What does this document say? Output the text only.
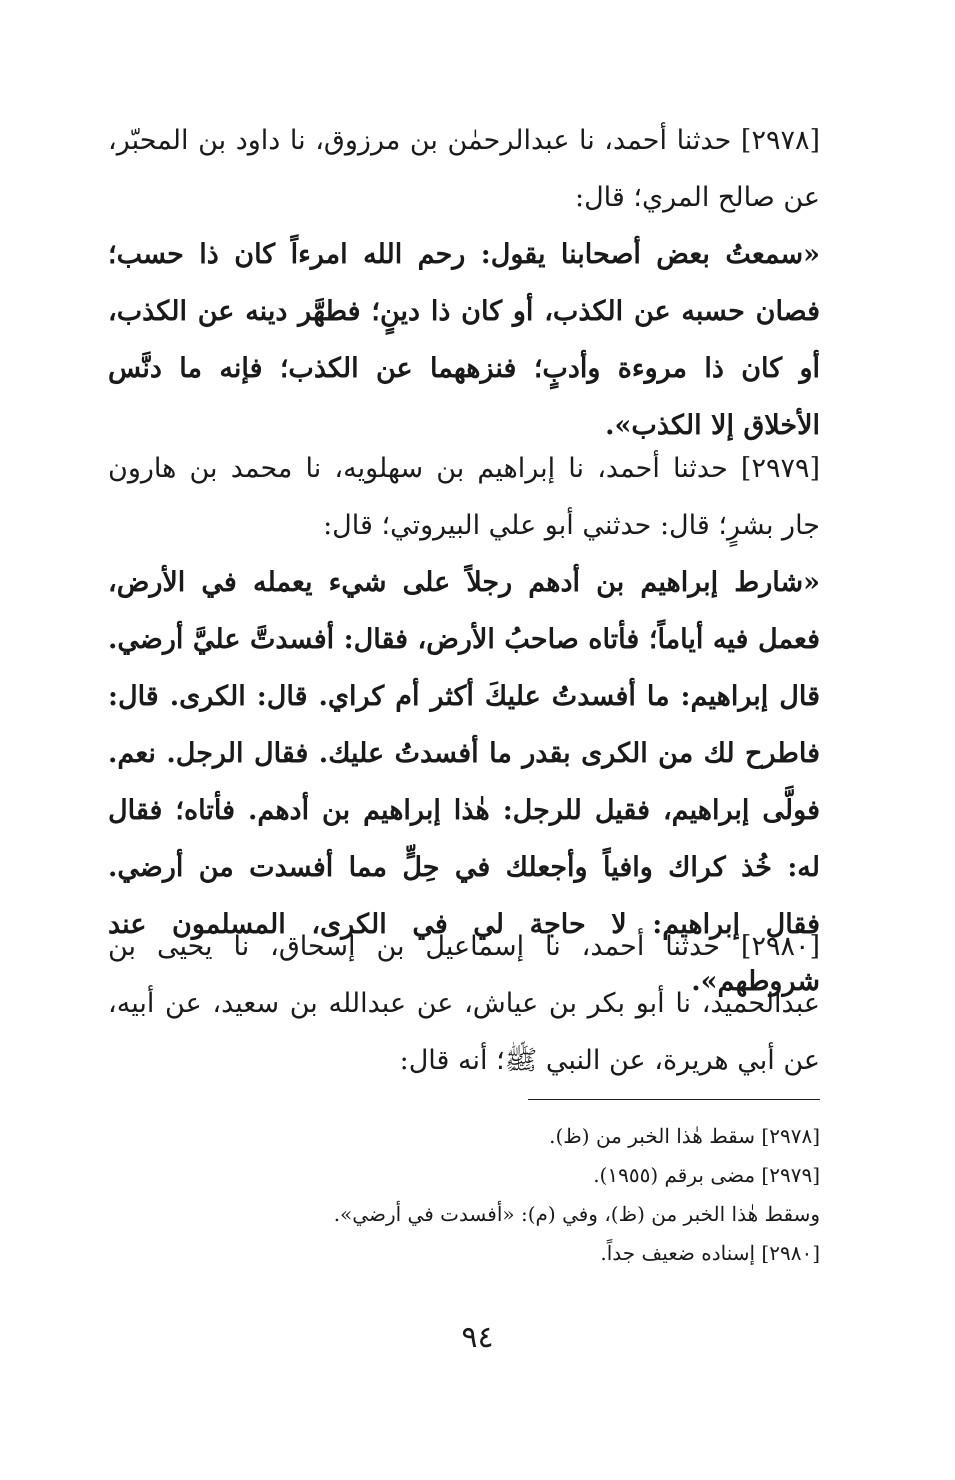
[٢٩٧٨] حدثنا أحمد، نا عبدالرحمٰن بن مرزوق، نا داود بن المحبّر، عن صالح المري؛ قال:

«سمعتُ بعض أصحابنا يقول: رحم الله امرءاً كان ذا حسب؛ فصان حسبه عن الكذب، أو كان ذا دينٍ؛ فطهَّر دينه عن الكذب، أو كان ذا مروءة وأدبٍ؛ فنزههما عن الكذب؛ فإنه ما دنَّس الأخلاق إلا الكذب».

[٢٩٧٩] حدثنا أحمد، نا إبراهيم بن سهلويه، نا محمد بن هارون جار بشرٍ؛ قال: حدثني أبو علي البيروتي؛ قال:

«شارط إبراهيم بن أدهم رجلاً على شيء يعمله في الأرض، فعمل فيه أياماً؛ فأتاه صاحبُ الأرض، فقال: أفسدتَّ عليَّ أرضي. قال إبراهيم: ما أفسدتُ عليكَ أكثر أم كراي. قال: الكرى. قال: فاطرح لك من الكرى بقدر ما أفسدتُ عليك. فقال الرجل. نعم. فولَّى إبراهيم، فقيل للرجل: هٰذا إبراهيم بن أدهم. فأتاه؛ فقال له: خُذ كراك وافياً وأجعلك في حِلٍّ مما أفسدت من أرضي. فقال إبراهيم: لا حاجة لي في الكرى، المسلمون عند شروطهم».

[٢٩٨٠] حدثنا أحمد، نا إسماعيل بن إسحاق، نا يحيى بن عبدالحميد، نا أبو بكر بن عياش، عن عبدالله بن سعيد، عن أبيه، عن أبي هريرة، عن النبي ﷺ؛ أنه قال:

[٢٩٧٨] سقط هٰذا الخبر من (ظ).

[٢٩٧٩] مضى برقم (١٩٥٥).

وسقط هٰذا الخبر من (ظ)، وفي (م): «أفسدت في أرضي».

[٢٩٨٠] إسناده ضعيف جداً.

٩٤
